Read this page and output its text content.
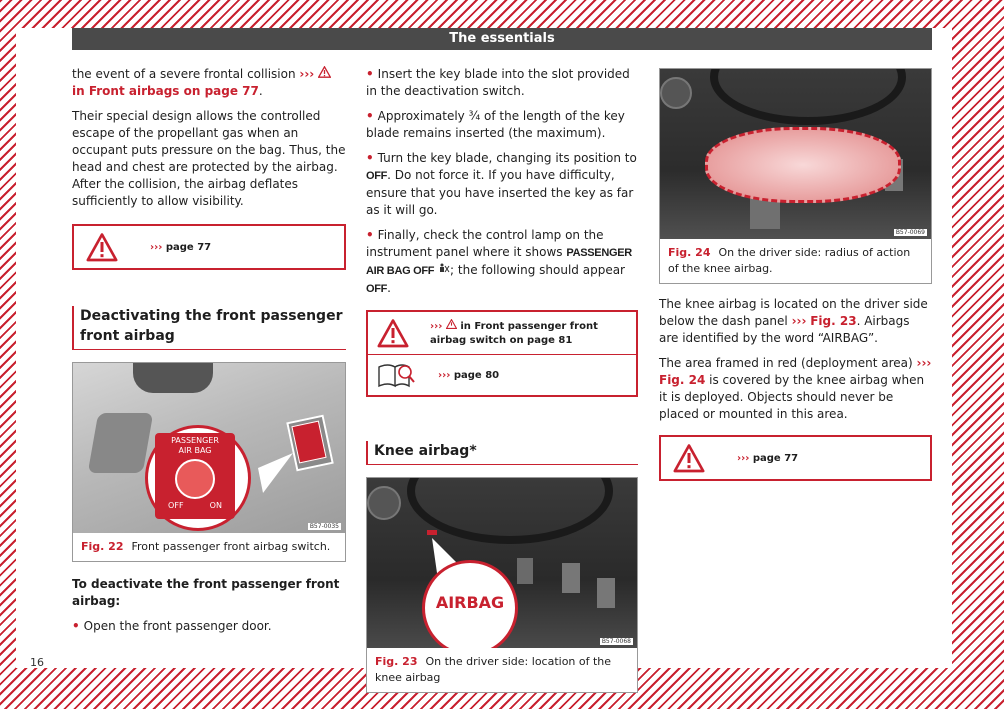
The essentials

the event of a severe frontal collision ›››  in Front airbags on page 77.

Their special design allows the controlled escape of the propellant gas when an occupant puts pressure on the bag. Thus, the head and chest are protected by the airbag. After the collision, the airbag deflates sufficiently to allow visibility.

››› page 77
Deactivating the front passenger front airbag
PASSENGER
AIR BAG
OFF	ON
B57-0035
Fig. 22 Front passenger front airbag switch.

To deactivate the front passenger front airbag:

• Open the front passenger door.

• Insert the key blade into the slot provided in the deactivation switch.

• Approximately ¾ of the length of the key blade remains inserted (the maximum).

• Turn the key blade, changing its position to OFF. Do not force it. If you have difficulty, ensure that you have inserted the key as far as it will go.

• Finally, check the control lamp on the instrument panel where it shows PASSENGER AIR BAG OFF ; the following should appear OFF.

››› in Front passenger front airbag switch on page 81
››› page 80
Knee airbag*
AIRBAG
B57-0068
Fig. 23 On the driver side: location of the knee airbag
B57-0069
Fig. 24 On the driver side: radius of action of the knee airbag.

The knee airbag is located on the driver side below the dash panel ››› Fig. 23. Airbags are identified by the word “AIRBAG”.

The area framed in red (deployment area) ››› Fig. 24 is covered by the knee airbag when it is deployed. Objects should never be placed or mounted in this area.

››› page 77
16
